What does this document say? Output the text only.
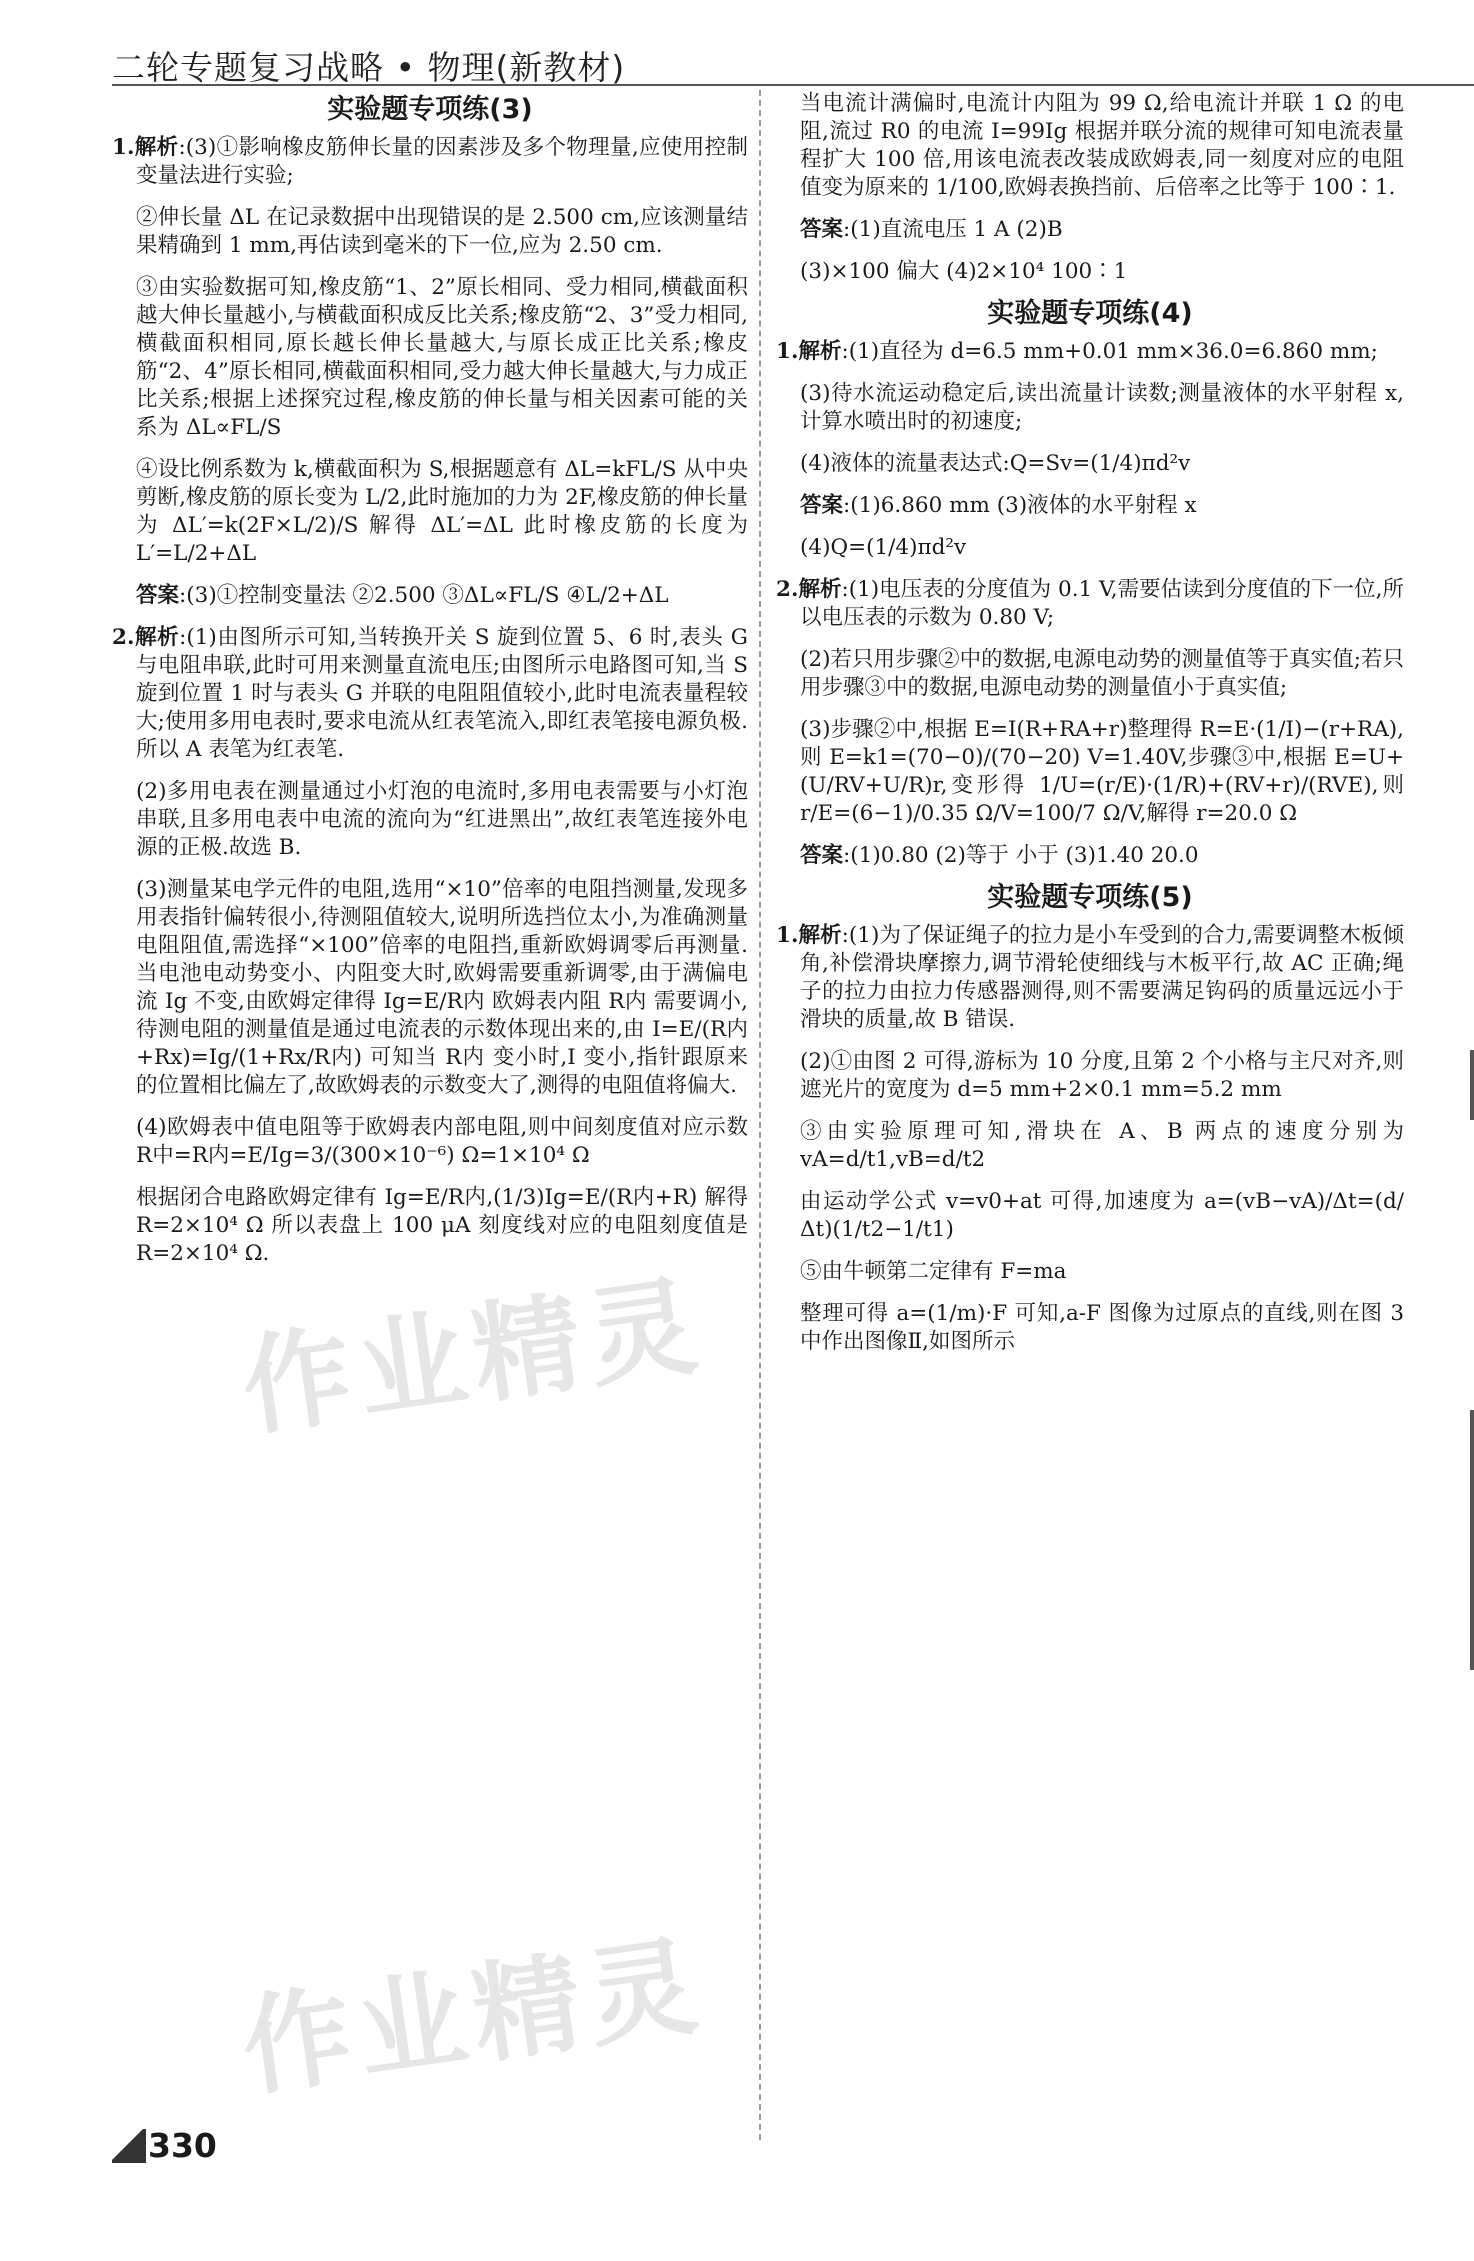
二轮专题复习战略 • 物理(新教材)
实验题专项练(3)
1.解析:(3)①影响橡皮筋伸长量的因素涉及多个物理量,应使用控制变量法进行实验;
②伸长量 ΔL 在记录数据中出现错误的是 2.500 cm,应该测量结果精确到 1 mm,再估读到毫米的下一位,应为 2.50 cm.
③由实验数据可知,橡皮筋“1、2”原长相同、受力相同,横截面积越大伸长量越小,与横截面积成反比关系;橡皮筋“2、3”受力相同,横截面积相同,原长越长伸长量越大,与原长成正比关系;橡皮筋“2、4”原长相同,横截面积相同,受力越大伸长量越大,与力成正比关系;根据上述探究过程,橡皮筋的伸长量与相关因素可能的关系为 ΔL∝FL/S
④设比例系数为 k,横截面积为 S,根据题意有 ΔL=kFL/S 从中央剪断,橡皮筋的原长变为 L/2,此时施加的力为 2F,橡皮筋的伸长量为 ΔL′=k(2F×L/2)/S 解得 ΔL′=ΔL 此时橡皮筋的长度为 L′=L/2+ΔL
答案:(3)①控制变量法 ②2.500 ③ΔL∝FL/S ④L/2+ΔL
2.解析:(1)由图所示可知,当转换开关 S 旋到位置 5、6 时,表头 G 与电阻串联,此时可用来测量直流电压;由图所示电路图可知,当 S 旋到位置 1 时与表头 G 并联的电阻阻值较小,此时电流表量程较大;使用多用电表时,要求电流从红表笔流入,即红表笔接电源负极.所以 A 表笔为红表笔.
(2)多用电表在测量通过小灯泡的电流时,多用电表需要与小灯泡串联,且多用电表中电流的流向为“红进黑出”,故红表笔连接外电源的正极.故选 B.
(3)测量某电学元件的电阻,选用“×10”倍率的电阻挡测量,发现多用表指针偏转很小,待测阻值较大,说明所选挡位太小,为准确测量电阻阻值,需选择“×100”倍率的电阻挡,重新欧姆调零后再测量.当电池电动势变小、内阻变大时,欧姆需要重新调零,由于满偏电流 Ig 不变,由欧姆定律得 Ig=E/R内 欧姆表内阻 R内 需要调小,待测电阻的测量值是通过电流表的示数体现出来的,由 I=E/(R内+Rx)=Ig/(1+Rx/R内) 可知当 R内 变小时,I 变小,指针跟原来的位置相比偏左了,故欧姆表的示数变大了,测得的电阻值将偏大.
(4)欧姆表中值电阻等于欧姆表内部电阻,则中间刻度值对应示数 R中=R内=E/Ig=3/(300×10⁻⁶) Ω=1×10⁴ Ω
根据闭合电路欧姆定律有 Ig=E/R内,(1/3)Ig=E/(R内+R) 解得 R=2×10⁴ Ω 所以表盘上 100 μA 刻度线对应的电阻刻度值是 R=2×10⁴ Ω.
当电流计满偏时,电流计内阻为 99 Ω,给电流计并联 1 Ω 的电阻,流过 R0 的电流 I=99Ig 根据并联分流的规律可知电流表量程扩大 100 倍,用该电流表改装成欧姆表,同一刻度对应的电阻值变为原来的 1/100,欧姆表换挡前、后倍率之比等于 100∶1.
答案:(1)直流电压 1 A (2)B
(3)×100 偏大 (4)2×10⁴ 100∶1
实验题专项练(4)
1.解析:(1)直径为 d=6.5 mm+0.01 mm×36.0=6.860 mm;
(3)待水流运动稳定后,读出流量计读数;测量液体的水平射程 x,计算水喷出时的初速度;
(4)液体的流量表达式:Q=Sv=(1/4)πd²v
答案:(1)6.860 mm (3)液体的水平射程 x
(4)Q=(1/4)πd²v
2.解析:(1)电压表的分度值为 0.1 V,需要估读到分度值的下一位,所以电压表的示数为 0.80 V;
(2)若只用步骤②中的数据,电源电动势的测量值等于真实值;若只用步骤③中的数据,电源电动势的测量值小于真实值;
(3)步骤②中,根据 E=I(R+RA+r)整理得 R=E·(1/I)−(r+RA),则 E=k1=(70−0)/(70−20) V=1.40V,步骤③中,根据 E=U+(U/RV+U/R)r,变形得 1/U=(r/E)·(1/R)+(RV+r)/(RVE),则 r/E=(6−1)/0.35 Ω/V=100/7 Ω/V,解得 r=20.0 Ω
答案:(1)0.80 (2)等于 小于 (3)1.40 20.0
实验题专项练(5)
1.解析:(1)为了保证绳子的拉力是小车受到的合力,需要调整木板倾角,补偿滑块摩擦力,调节滑轮使细线与木板平行,故 AC 正确;绳子的拉力由拉力传感器测得,则不需要满足钩码的质量远远小于滑块的质量,故 B 错误.
(2)①由图 2 可得,游标为 10 分度,且第 2 个小格与主尺对齐,则遮光片的宽度为 d=5 mm+2×0.1 mm=5.2 mm
③由实验原理可知,滑块在 A、B 两点的速度分别为 vA=d/t1,vB=d/t2
由运动学公式 v=v0+at 可得,加速度为 a=(vB−vA)/Δt=(d/Δt)(1/t2−1/t1)
⑤由牛顿第二定律有 F=ma
整理可得 a=(1/m)·F 可知,a-F 图像为过原点的直线,则在图 3 中作出图像Ⅱ,如图所示
作业精灵
作业精灵
330
